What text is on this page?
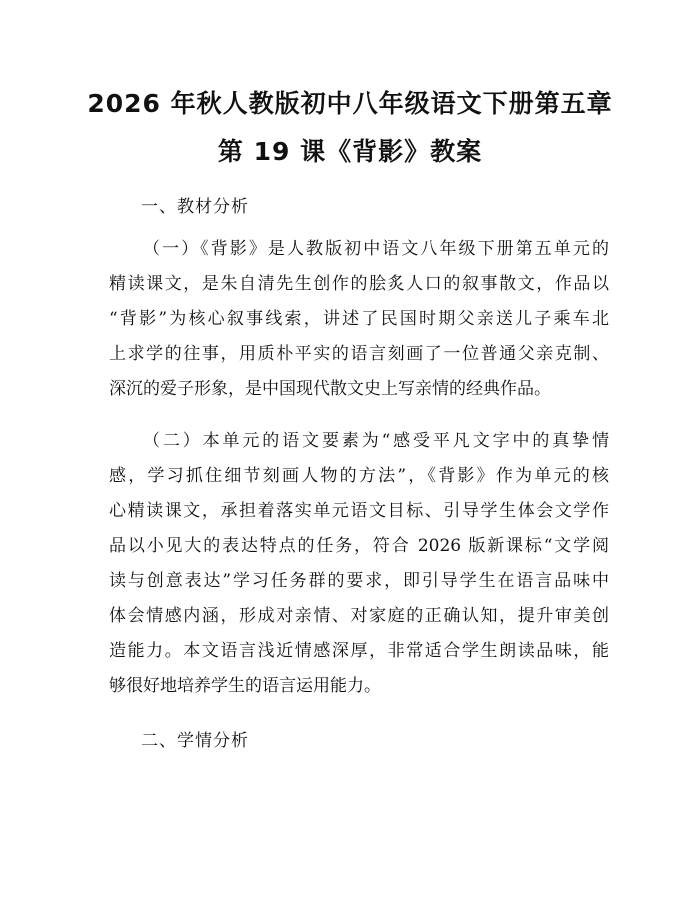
2026 年秋人教版初中八年级语文下册第五章
第 19 课《背影》教案
一、教材分析
（一）《背影》是人教版初中语文八年级下册第五单元的
精读课文，是朱自清先生创作的脍炙人口的叙事散文，作品以
“背影”为核心叙事线索，讲述了民国时期父亲送儿子乘车北
上求学的往事，用质朴平实的语言刻画了一位普通父亲克制、
深沉的爱子形象，是中国现代散文史上写亲情的经典作品。
（二）本单元的语文要素为“感受平凡文字中的真挚情
感，学习抓住细节刻画人物的方法”，《背影》作为单元的核
心精读课文，承担着落实单元语文目标、引导学生体会文学作
品以小见大的表达特点的任务，符合 2026 版新课标“文学阅
读与创意表达”学习任务群的要求，即引导学生在语言品味中
体会情感内涵，形成对亲情、对家庭的正确认知，提升审美创
造能力。本文语言浅近情感深厚，非常适合学生朗读品味，能
够很好地培养学生的语言运用能力。
二、学情分析
